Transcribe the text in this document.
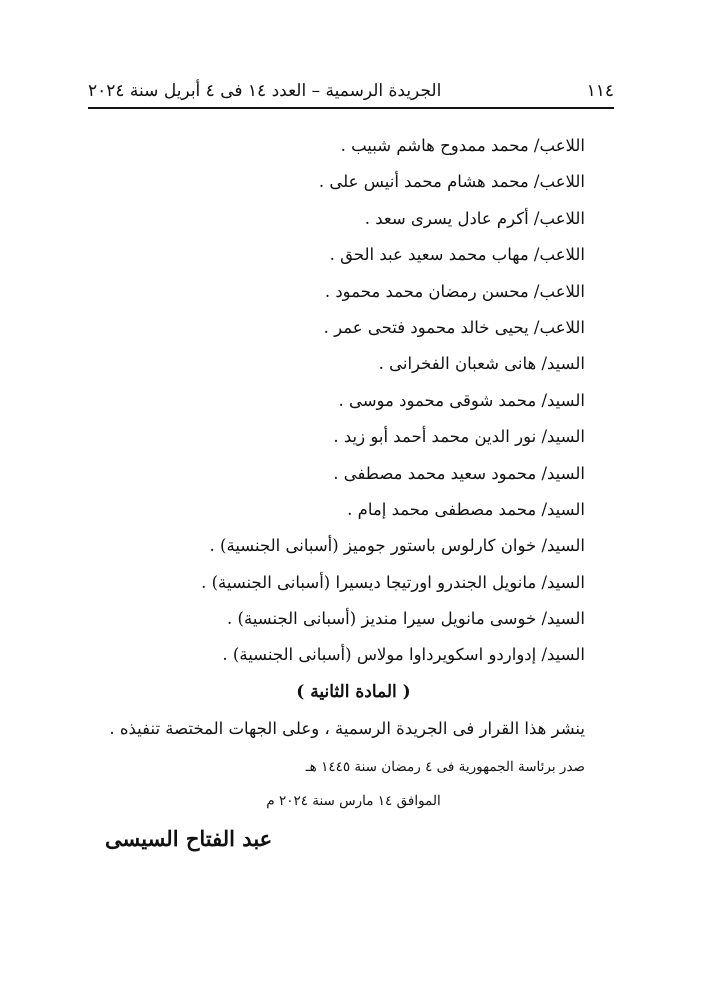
١١٤
الجريدة الرسمية – العدد ١٤ فى ٤ أبريل سنة ٢٠٢٤
اللاعب/ محمد ممدوح هاشم شبيب .
اللاعب/ محمد هشام محمد أنيس على .
اللاعب/ أكرم عادل يسرى سعد .
اللاعب/ مهاب محمد سعيد عبد الحق .
اللاعب/ محسن رمضان محمد محمود .
اللاعب/ يحيى خالد محمود فتحى عمر .
السيد/ هانى شعبان الفخرانى .
السيد/ محمد شوقى محمود موسى .
السيد/ نور الدين محمد أحمد أبو زيد .
السيد/ محمود سعيد محمد مصطفى .
السيد/ محمد مصطفى محمد إمام .
السيد/ خوان كارلوس باستور جوميز (أسبانى الجنسية) .
السيد/ مانويل الجندرو اورتيجا ديسيرا (أسبانى الجنسية) .
السيد/ خوسى مانويل سيرا منديز (أسبانى الجنسية) .
السيد/ إدواردو اسكويرداوا مولاس (أسبانى الجنسية) .
( المادة الثانية )
ينشر هذا القرار فى الجريدة الرسمية ، وعلى الجهات المختصة تنفيذه .
صدر برئاسة الجمهورية فى ٤ رمضان سنة ١٤٤٥ هـ
الموافق ١٤ مارس سنة ٢٠٢٤ م
عبد الفتاح السيسى
